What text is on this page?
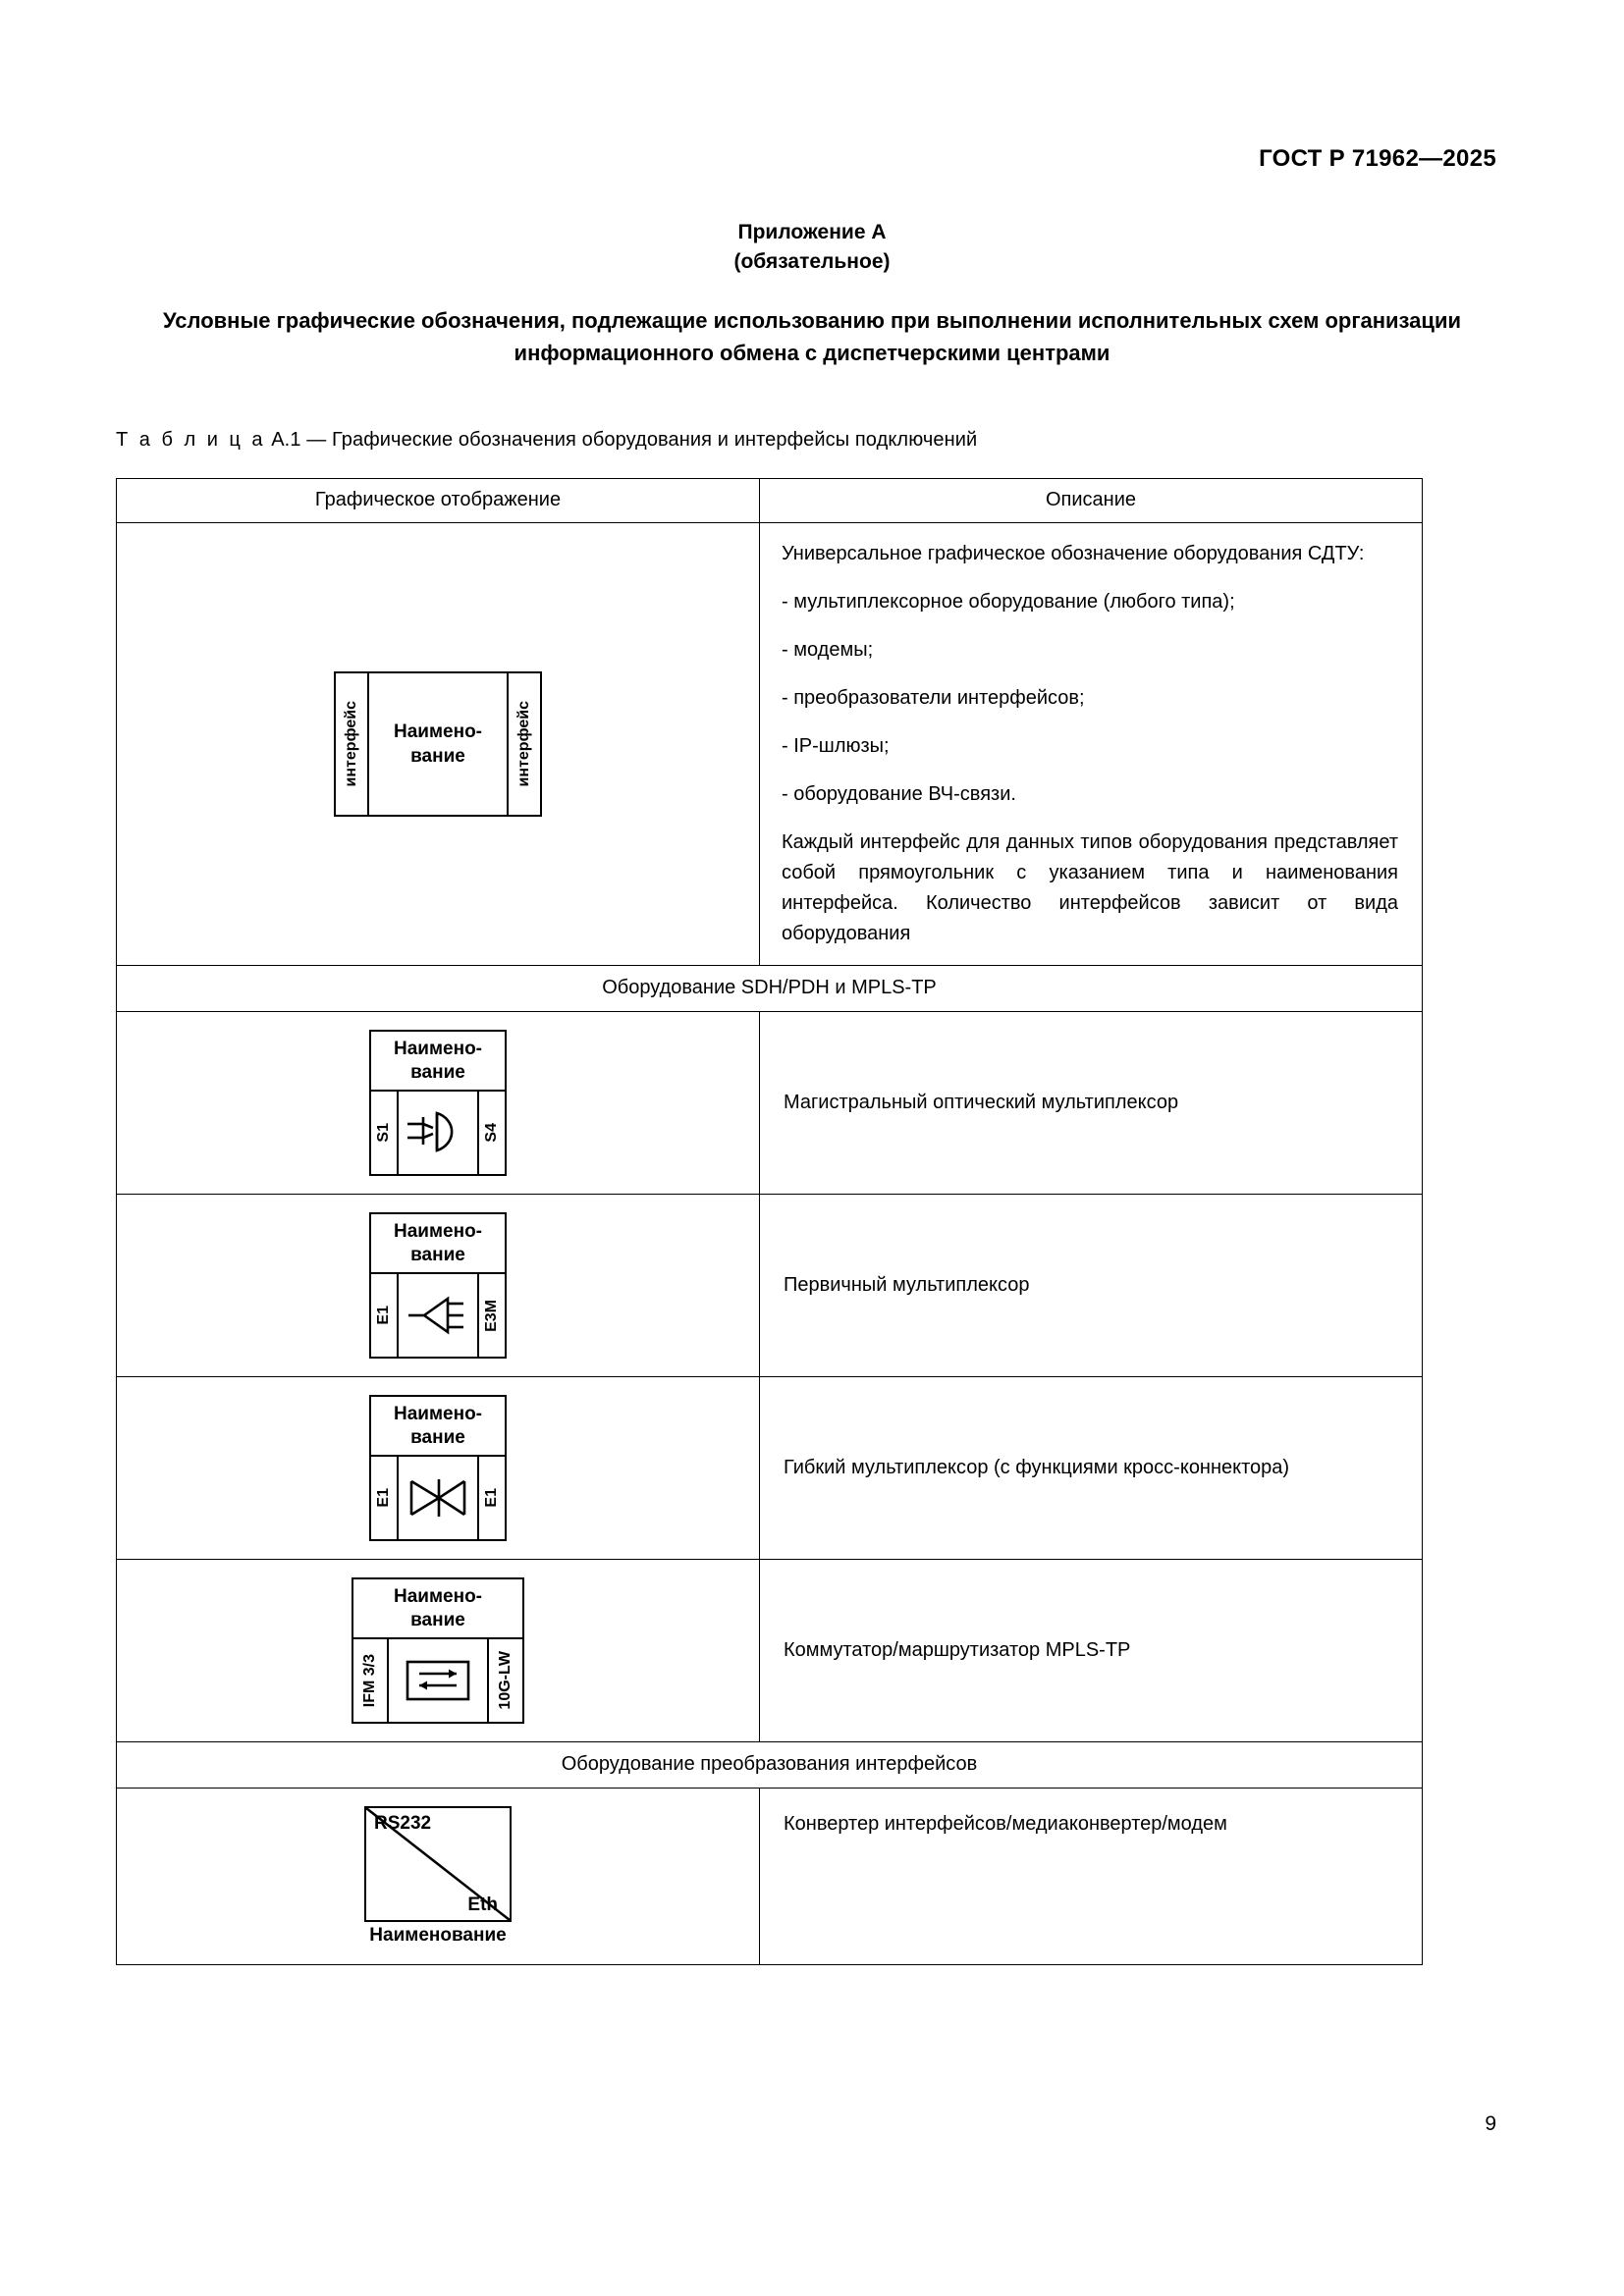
ГОСТ Р 71962—2025
Приложение А
(обязательное)
Условные графические обозначения, подлежащие использованию при выполнении исполнительных схем организации информационного обмена с диспетчерскими центрами
Т а б л и ц а А.1 — Графические обозначения оборудования и интерфейсы подключений
Графическое отображение	Описание

интерфейс Наимено-
вание	интерфейс

Универсальное графическое обозначение оборудования СДТУ:

- мультиплексорное оборудование (любого типа);

- модемы;

- преобразователи интерфейсов;

- IP-шлюзы;

- оборудование ВЧ-связи.

Каждый интерфейс для данных типов оборудования представляет собой прямоугольник с указанием типа и наименования интерфейса. Количество интерфейсов зависит от вида оборудования

Оборудование SDH/PDH и MPLS-TP	

Наимено-
вание
S1 S4	Магистральный оптический мультиплексор

Наимено-
вание
E1 E3M	Первичный мультиплексор

Наимено-
вание
E1 E1	Гибкий мультиплексор (с функциями кросс-коннектора)

Наимено-
вание
IFM 3/3 10G-LW	Коммутатор/маршрутизатор MPLS-TP
Оборудование преобразования интерфейсов	

RS232
Eth
Наименование	Конвертер интерфейсов/медиаконвертер/модем
9
